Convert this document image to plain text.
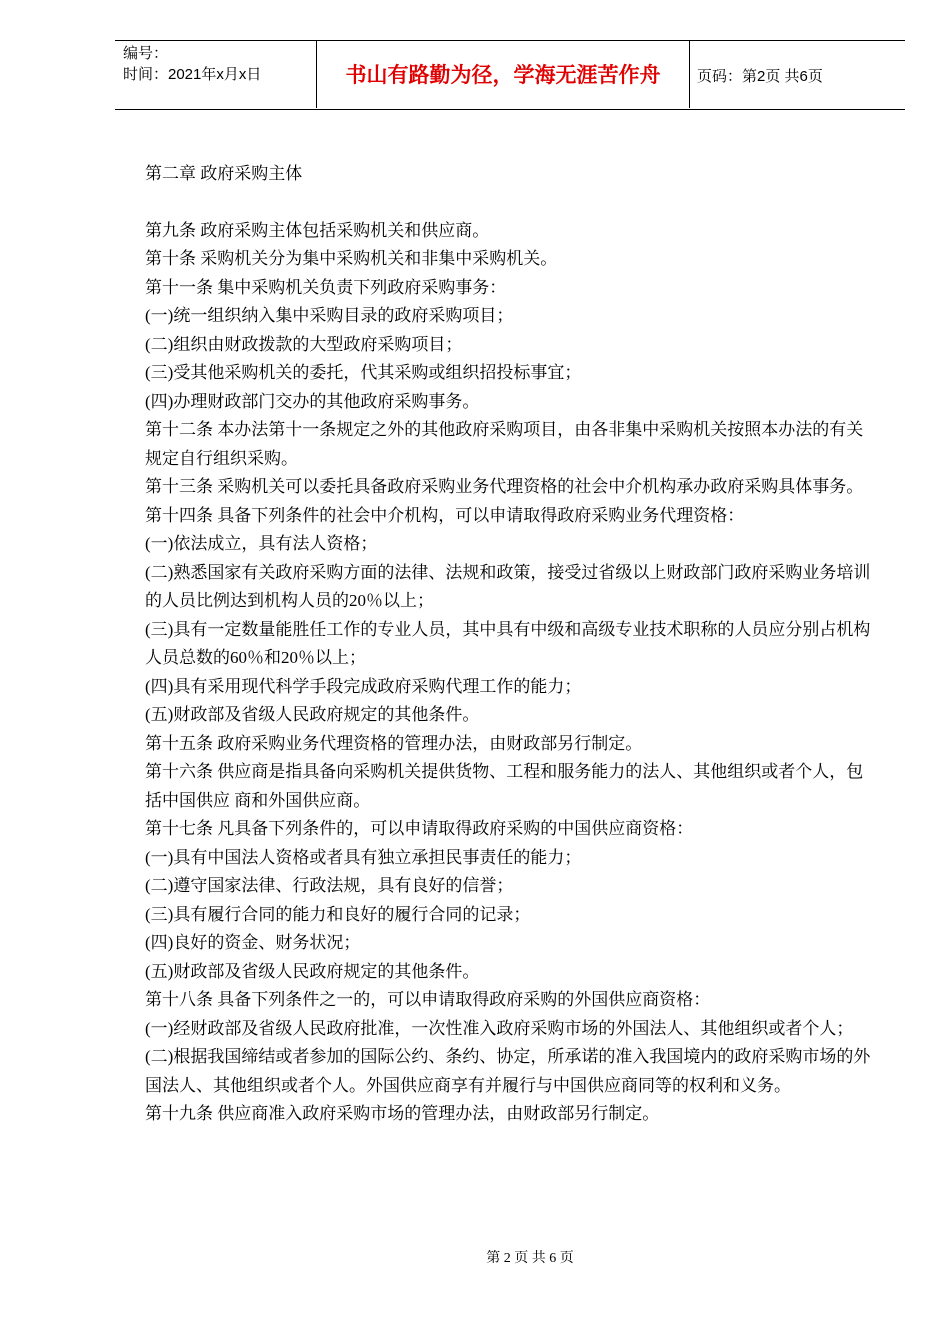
编号：
时间：2021年x月x日	书山有路勤为径，学海无涯苦作舟	页码：第2页 共6页

第二章 政府采购主体

第九条 政府采购主体包括采购机关和供应商。

第十条 采购机关分为集中采购机关和非集中采购机关。

第十一条 集中采购机关负责下列政府采购事务：

(一)统一组织纳入集中采购目录的政府采购项目；

(二)组织由财政拨款的大型政府采购项目；

(三)受其他采购机关的委托，代其采购或组织招投标事宜；

(四)办理财政部门交办的其他政府采购事务。

第十二条 本办法第十一条规定之外的其他政府采购项目，由各非集中采购机关按照本办法的有关规定自行组织采购。

第十三条 采购机关可以委托具备政府采购业务代理资格的社会中介机构承办政府采购具体事务。

第十四条 具备下列条件的社会中介机构，可以申请取得政府采购业务代理资格：

(一)依法成立，具有法人资格；

(二)熟悉国家有关政府采购方面的法律、法规和政策，接受过省级以上财政部门政府采购业务培训的人员比例达到机构人员的20％以上；

(三)具有一定数量能胜任工作的专业人员，其中具有中级和高级专业技术职称的人员应分别占机构人员总数的60％和20％以上；

(四)具有采用现代科学手段完成政府采购代理工作的能力；

(五)财政部及省级人民政府规定的其他条件。

第十五条 政府采购业务代理资格的管理办法，由财政部另行制定。

第十六条 供应商是指具备向采购机关提供货物、工程和服务能力的法人、其他组织或者个人，包括中国供应 商和外国供应商。

第十七条 凡具备下列条件的，可以申请取得政府采购的中国供应商资格：

(一)具有中国法人资格或者具有独立承担民事责任的能力；

(二)遵守国家法律、行政法规，具有良好的信誉；

(三)具有履行合同的能力和良好的履行合同的记录；

(四)良好的资金、财务状况；

(五)财政部及省级人民政府规定的其他条件。

第十八条 具备下列条件之一的，可以申请取得政府采购的外国供应商资格：

(一)经财政部及省级人民政府批准，一次性准入政府采购市场的外国法人、其他组织或者个人；

(二)根据我国缔结或者参加的国际公约、条约、协定，所承诺的准入我国境内的政府采购市场的外国法人、其他组织或者个人。外国供应商享有并履行与中国供应商同等的权利和义务。

第十九条 供应商准入政府采购市场的管理办法，由财政部另行制定。

第 2 页 共 6 页
